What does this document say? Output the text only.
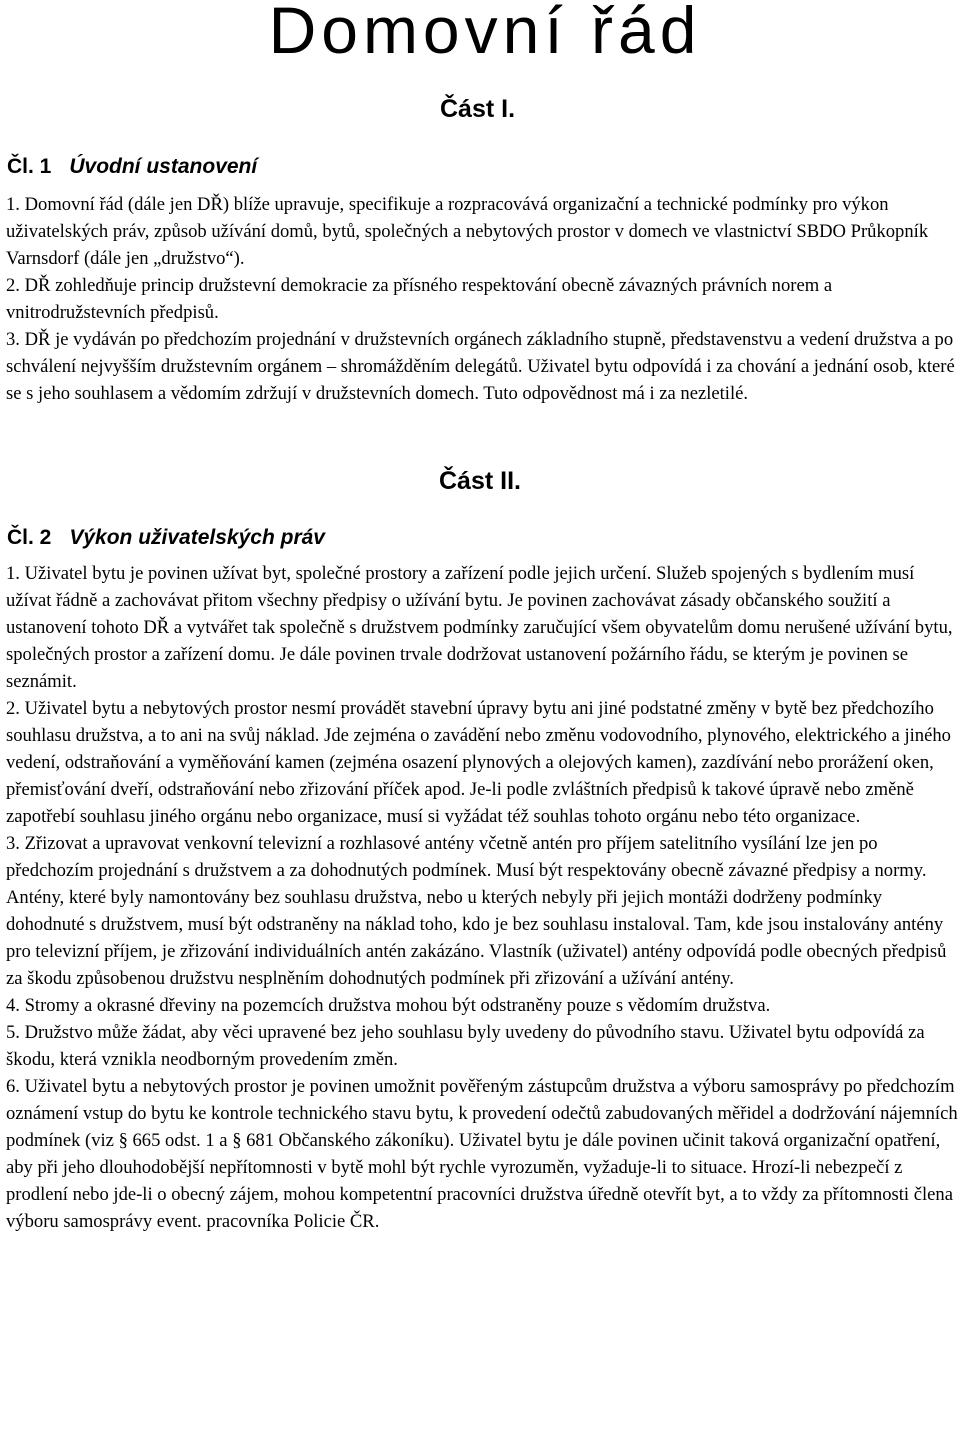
Domovní řád
Část I.
Čl. 1 Úvodní ustanovení

1. Domovní řád (dále jen DŘ) blíže upravuje, specifikuje a rozpracovává organizační a technické podmínky pro výkon uživatelských práv, způsob užívání domů, bytů, společných a nebytových prostor v domech ve vlastnictví SBDO Průkopník Varnsdorf (dále jen „družstvo“).

2. DŘ zohledňuje princip družstevní demokracie za přísného respektování obecně závazných právních norem a vnitrodružstevních předpisů.

3. DŘ je vydáván po předchozím projednání v družstevních orgánech základního stupně, představenstvu a vedení družstva a po schválení nejvyšším družstevním orgánem – shromážděním delegátů. Uživatel bytu odpovídá i za chování a jednání osob, které se s jeho souhlasem a vědomím zdržují v družstevních domech. Tuto odpovědnost má i za nezletilé.

Část II.
Čl. 2 Výkon uživatelských práv

1. Uživatel bytu je povinen užívat byt, společné prostory a zařízení podle jejich určení. Služeb spojených s bydlením musí užívat řádně a zachovávat přitom všechny předpisy o užívání bytu. Je povinen zachovávat zásady občanského soužití a ustanovení tohoto DŘ a vytvářet tak společně s družstvem podmínky zaručující všem obyvatelům domu nerušené užívání bytu, společných prostor a zařízení domu. Je dále povinen trvale dodržovat ustanovení požárního řádu, se kterým je povinen se seznámit.

2. Uživatel bytu a nebytových prostor nesmí provádět stavební úpravy bytu ani jiné podstatné změny v bytě bez předchozího souhlasu družstva, a to ani na svůj náklad. Jde zejména o zavádění nebo změnu vodovodního, plynového, elektrického a jiného vedení, odstraňování a vyměňování kamen (zejména osazení plynových a olejových kamen), zazdívání nebo prorážení oken, přemisťování dveří, odstraňování nebo zřizování příček apod. Je-li podle zvláštních předpisů k takové úpravě nebo změně zapotřebí souhlasu jiného orgánu nebo organizace, musí si vyžádat též souhlas tohoto orgánu nebo této organizace.

3. Zřizovat a upravovat venkovní televizní a rozhlasové antény včetně antén pro příjem satelitního vysílání lze jen po předchozím projednání s družstvem a za dohodnutých podmínek. Musí být respektovány obecně závazné předpisy a normy. Antény, které byly namontovány bez souhlasu družstva, nebo u kterých nebyly při jejich montáži dodrženy podmínky dohodnuté s družstvem, musí být odstraněny na náklad toho, kdo je bez souhlasu instaloval. Tam, kde jsou instalovány antény pro televizní příjem, je zřizování individuálních antén zakázáno. Vlastník (uživatel) antény odpovídá podle obecných předpisů za škodu způsobenou družstvu nesplněním dohodnutých podmínek při zřizování a užívání antény.

4. Stromy a okrasné dřeviny na pozemcích družstva mohou být odstraněny pouze s vědomím družstva.

5. Družstvo může žádat, aby věci upravené bez jeho souhlasu byly uvedeny do původního stavu. Uživatel bytu odpovídá za škodu, která vznikla neodborným provedením změn.

6. Uživatel bytu a nebytových prostor je povinen umožnit pověřeným zástupcům družstva a výboru samosprávy po předchozím oznámení vstup do bytu ke kontrole technického stavu bytu, k provedení odečtů zabudovaných měřidel a dodržování nájemních podmínek (viz § 665 odst. 1 a § 681 Občanského zákoníku). Uživatel bytu je dále povinen učinit taková organizační opatření, aby při jeho dlouhodobější nepřítomnosti v bytě mohl být rychle vyrozuměn, vyžaduje-li to situace. Hrozí-li nebezpečí z prodlení nebo jde-li o obecný zájem, mohou kompetentní pracovníci družstva úředně otevřít byt, a to vždy za přítomnosti člena výboru samosprávy event. pracovníka Policie ČR.
